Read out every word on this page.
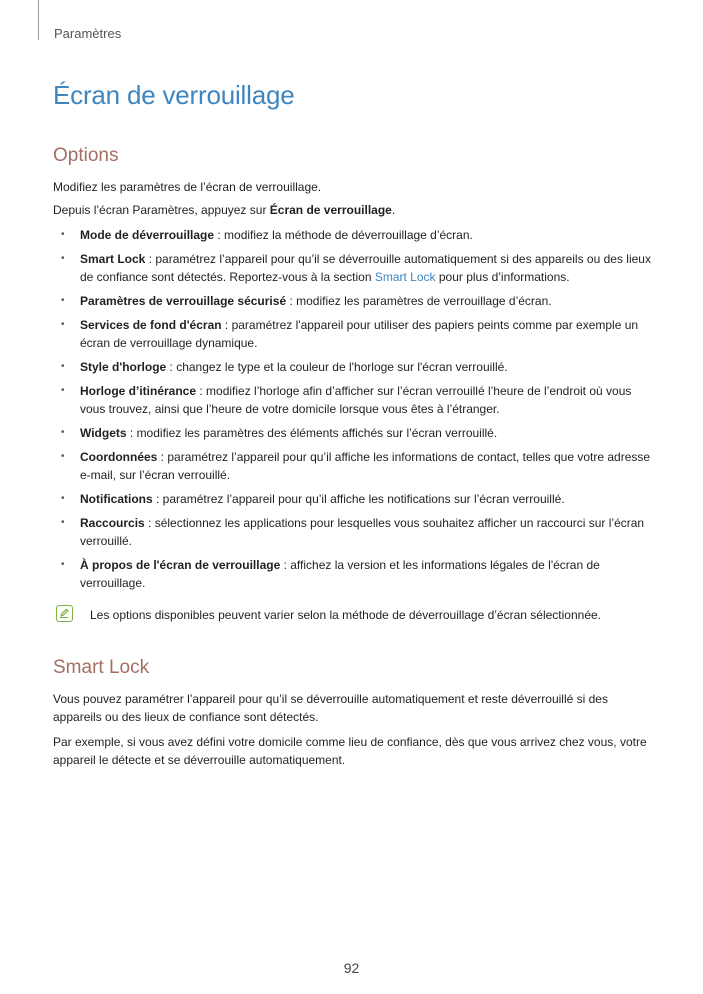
Paramètres
Écran de verrouillage
Options

Modifiez les paramètres de l’écran de verrouillage.

Depuis l’écran Paramètres, appuyez sur Écran de verrouillage.

• Mode de déverrouillage : modifiez la méthode de déverrouillage d’écran.
• Smart Lock : paramétrez l’appareil pour qu’il se déverrouille automatiquement si des appareils ou des lieux de confiance sont détectés. Reportez-vous à la section Smart Lock pour plus d’informations.
• Paramètres de verrouillage sécurisé : modifiez les paramètres de verrouillage d’écran.
• Services de fond d'écran : paramétrez l'appareil pour utiliser des papiers peints comme par exemple un écran de verrouillage dynamique.
• Style d'horloge : changez le type et la couleur de l'horloge sur l'écran verrouillé.
• Horloge d’itinérance : modifiez l’horloge afin d’afficher sur l’écran verrouillé l’heure de l’endroit où vous vous trouvez, ainsi que l’heure de votre domicile lorsque vous êtes à l’étranger.
• Widgets : modifiez les paramètres des éléments affichés sur l’écran verrouillé.
• Coordonnées : paramétrez l’appareil pour qu’il affiche les informations de contact, telles que votre adresse e-mail, sur l’écran verrouillé.
• Notifications : paramétrez l’appareil pour qu’il affiche les notifications sur l’écran verrouillé.
• Raccourcis : sélectionnez les applications pour lesquelles vous souhaitez afficher un raccourci sur l’écran verrouillé.
• À propos de l'écran de verrouillage : affichez la version et les informations légales de l'écran de verrouillage.
Les options disponibles peuvent varier selon la méthode de déverrouillage d’écran sélectionnée.
Smart Lock

Vous pouvez paramétrer l’appareil pour qu’il se déverrouille automatiquement et reste déverrouillé si des appareils ou des lieux de confiance sont détectés.

Par exemple, si vous avez défini votre domicile comme lieu de confiance, dès que vous arrivez chez vous, votre appareil le détecte et se déverrouille automatiquement.

92
